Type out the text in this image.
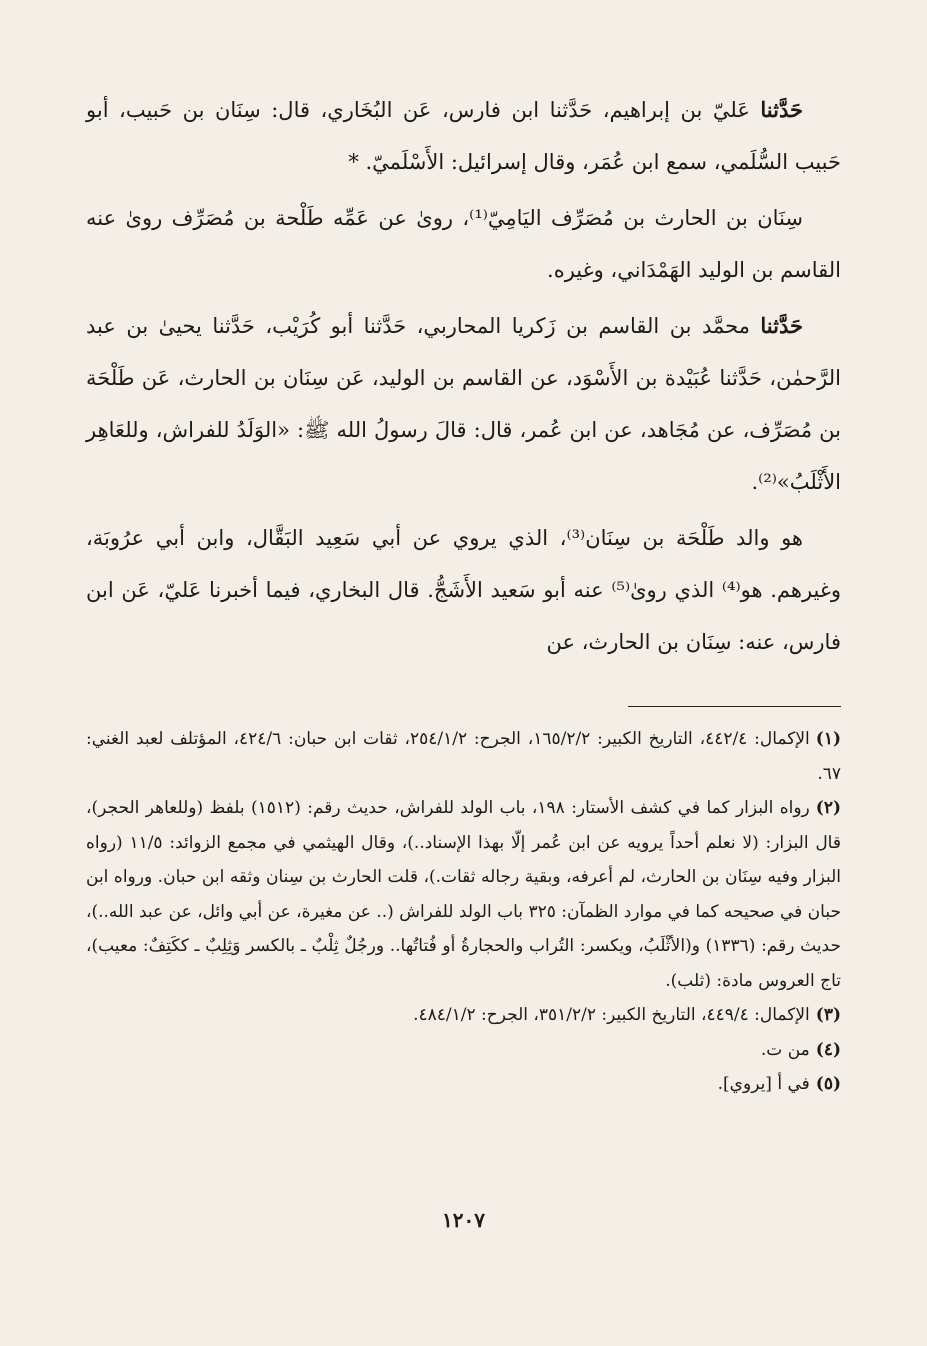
حَدَّثنا عَليّ بن إبراهيم، حَدَّثنا ابن فارس، عَن البُخَاري، قال: سِنَان بن حَبيب، أبو حَبيب السُّلَمي، سمع ابن عُمَر، وقال إسرائيل: الأَسْلَميّ. *

سِنَان بن الحارث بن مُصَرِّف اليَامِيّ⁽¹⁾، روىٰ عن عَمِّه طَلْحة بن مُصَرِّف روىٰ عنه القاسم بن الوليد الهَمْدَاني، وغيره.

حَدَّثنا محمَّد بن القاسم بن زَكريا المحاربي، حَدَّثنا أبو كُرَيْب، حَدَّثنا يحيىٰ بن عبد الرَّحمٰن، حَدَّثنا عُبَيْدة بن الأَسْوَد، عن القاسم بن الوليد، عَن سِنَان بن الحارث، عَن طَلْحَة بن مُصَرِّف، عن مُجَاهد، عن ابن عُمر، قال: قالَ رسولُ الله ﷺ: «الوَلَدُ للفراش، وللعَاهِر الأَثْلَبُ»⁽²⁾.

هو والد طَلْحَة بن سِنَان⁽³⁾، الذي يروي عن أبي سَعِيد البَقَّال، وابن أبي عرُوبَة، وغيرهم. هو⁽⁴⁾ الذي روىٰ⁽⁵⁾ عنه أبو سَعيد الأَشَجُّ. قال البخاري، فيما أخبرنا عَليّ، عَن ابن فارس، عنه: سِنَان بن الحارث، عن

(١)الإكمال: ٤٤٢/٤، التاريخ الكبير: ١٦٥/٢/٢، الجرح: ٢٥٤/١/٢، ثقات ابن حبان: ٤٢٤/٦، المؤتلف لعبد الغني: ٦٧.

(٢)رواه البزار كما في كشف الأستار: ١٩٨، باب الولد للفراش، حديث رقم: (١٥١٢) بلفظ (وللعاهر الحجر)، قال البزار: (لا نعلم أحداً يرويه عن ابن عُمر إلّا بهذا الإسناد..)، وقال الهيثمي في مجمع الزوائد: ١١/٥ (رواه البزار وفيه سِنَان بن الحارث، لم أعرفه، وبقية رجاله ثقات.)، قلت الحارث بن سِنان وثقه ابن حبان. ورواه ابن حبان في صحيحه كما في موارد الظمآن: ٣٢٥ باب الولد للفراش (.. عن مغيرة، عن أبي وائل، عن عبد الله..)، حديث رقم: (١٣٣٦) و(الأثْلَبُ، ويكسر: التُراب والحجارةُ أو فُتاتُها.. ورجُلٌ ثِلْبٌ ـ بالكسر وَثِلِبٌ ـ ككَتِفٌ: معيب)، تاج العروس مادة: (ثلب).

(٣)الإكمال: ٤٤٩/٤، التاريخ الكبير: ٣٥١/٢/٢، الجرح: ٤٨٤/١/٢.

(٤)من ت.

(٥)في أ [يروي].

١٢٠٧
